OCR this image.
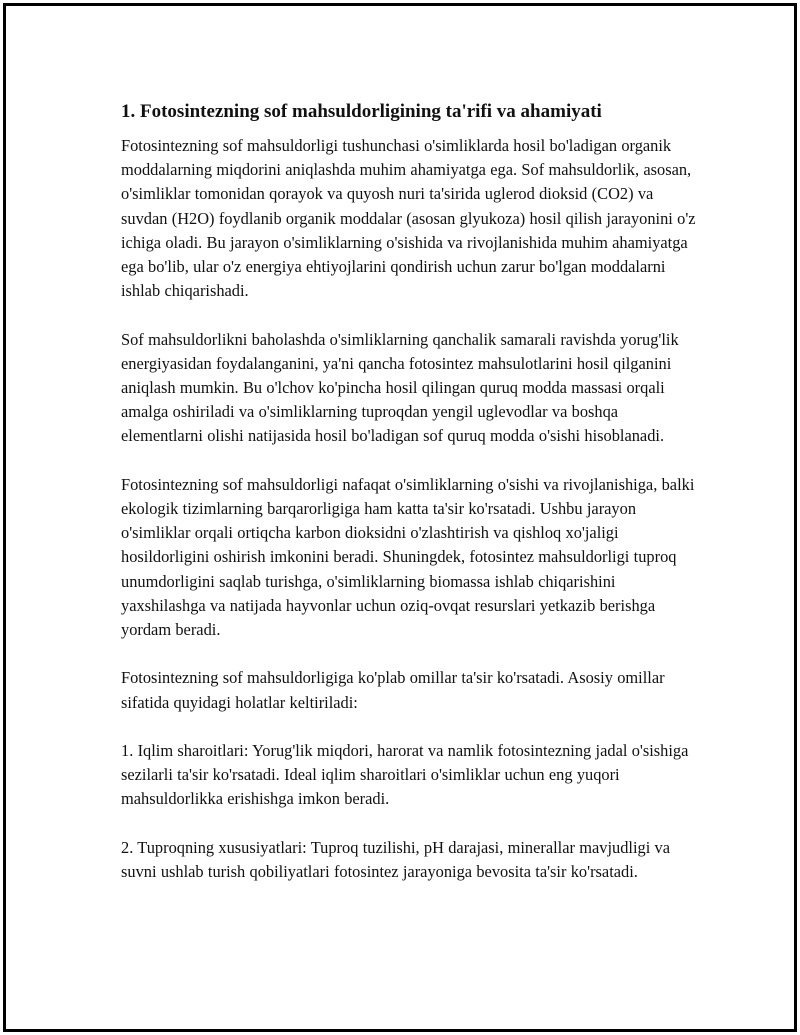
1. Fotosintezning sof mahsuldorligining ta'rifi va ahamiyati

Fotosintezning sof mahsuldorligi tushunchasi o'simliklarda hosil bo'ladigan organik moddalarning miqdorini aniqlashda muhim ahamiyatga ega. Sof mahsuldorlik, asosan, o'simliklar tomonidan qorayok va quyosh nuri ta'sirida uglerod dioksid (CO2) va suvdan (H2O) foydlanib organik moddalar (asosan glyukoza) hosil qilish jarayonini o'z ichiga oladi. Bu jarayon o'simliklarning o'sishida va rivojlanishida muhim ahamiyatga ega bo'lib, ular o'z energiya ehtiyojlarini qondirish uchun zarur bo'lgan moddalarni ishlab chiqarishadi.

Sof mahsuldorlikni baholashda o'simliklarning qanchalik samarali ravishda yorug'lik energiyasidan foydalanganini, ya'ni qancha fotosintez mahsulotlarini hosil qilganini aniqlash mumkin. Bu o'lchov ko'pincha hosil qilingan quruq modda massasi orqali amalga oshiriladi va o'simliklarning tuproqdan yengil uglevodlar va boshqa elementlarni olishi natijasida hosil bo'ladigan sof quruq modda o'sishi hisoblanadi.

Fotosintezning sof mahsuldorligi nafaqat o'simliklarning o'sishi va rivojlanishiga, balki ekologik tizimlarning barqarorligiga ham katta ta'sir ko'rsatadi. Ushbu jarayon o'simliklar orqali ortiqcha karbon dioksidni o'zlashtirish va qishloq xo'jaligi hosildorligini oshirish imkonini beradi. Shuningdek, fotosintez mahsuldorligi tuproq unumdorligini saqlab turishga, o'simliklarning biomassa ishlab chiqarishini yaxshilashga va natijada hayvonlar uchun oziq-ovqat resurslari yetkazib berishga yordam beradi.

Fotosintezning sof mahsuldorligiga ko'plab omillar ta'sir ko'rsatadi. Asosiy omillar sifatida quyidagi holatlar keltiriladi:

1. Iqlim sharoitlari: Yorug'lik miqdori, harorat va namlik fotosintezning jadal o'sishiga sezilarli ta'sir ko'rsatadi. Ideal iqlim sharoitlari o'simliklar uchun eng yuqori mahsuldorlikka erishishga imkon beradi.

2. Tuproqning xususiyatlari: Tuproq tuzilishi, pH darajasi, minerallar mavjudligi va suvni ushlab turish qobiliyatlari fotosintez jarayoniga bevosita ta'sir ko'rsatadi.
